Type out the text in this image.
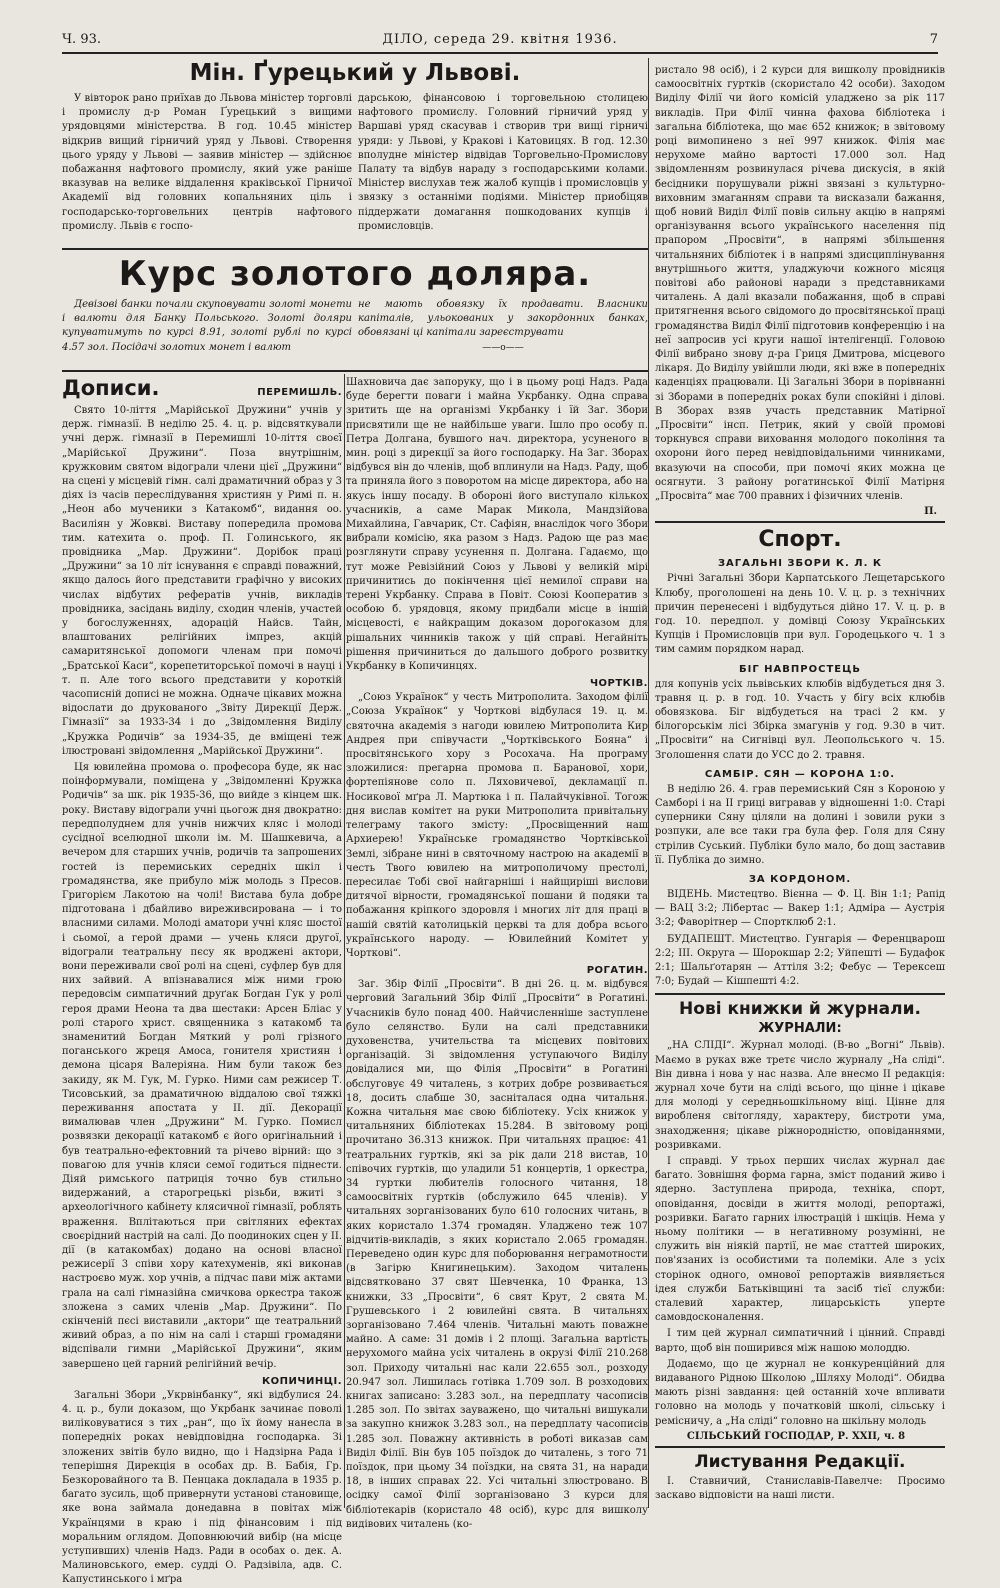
Ч. 93.	ДІЛО, середа 29. квітня 1936.	7
Мін. Ґурецький у Львові.

У вівторок рано приїхав до Львова міністер торговлі і промислу д-р Роман Ґурецький з вищими урядовцями міністерства. В год. 10.45 міністер відкрив вищий гірничий уряд у Львові. Створення цього уряду у Львові — заявив міністер — здійснює побажання нафтового промислу, який уже раніше вказував на велике віддалення краківської Гірничої Академії від головних копальняних ціль і господарсько-торговельних центрів нафтового промислу. Львів є госпо-

дарською, фінансовою і торговельною столицею нафтового промислу. Головний гірничий уряд у Варшаві уряд скасував і створив три вищі гірничі уряди: у Львові, у Кракові і Катовицях. В год. 12.30 вполудне міністер відвідав Торговельно-Промислову Палату та відбув нараду з господарськими колами. Міністер вислухав теж жалоб купців і промисловців у звязку з останніми подіями. Міністер приобіцяв піддержати домагання пошкодованих купців і промисловців.

Курс золотого доляра.

Девізові банки почали скуповувати золоті монети і валюти для Банку Польського. Золоті доляри купуватимуть по курсі 8.91, золоті рублі по курсі 4.57 зол. Посідачі золотих монет і валют

не мають обовязку їх продавати. Власники капіталів, ульокованих у закордонних банках, обовязані ці капітали зареєструвати

——o——
Дописи.	ПЕРЕМИШЛЬ.

Свято 10-ліття „Марійської Дружини“ учнів у держ. гімназії. В неділю 25. 4. ц. р. відсвяткували учні держ. гімназії в Перемишлі 10-ліття своєї „Марійської Дружини“. Поза внутрішнім, кружковим святом відограли члени цієї „Дружини“ на сцені у місцевій гімн. салі драматичний образ у 3 діях із часів переслідування християн у Римі п. н. „Неон або мученики з Катакомб“, видання оо. Василіян у Жовкві. Виставу попередила промова тим. катехита о. проф. П. Голинського, як провідника „Мар. Дружини“. Дорібок праці „Дружини“ за 10 літ існування є справді поважний, якщо далось його представити графічно у високих числах відбутих рефератів учнів, викладів провідника, засідань виділу, сходин членів, участей у богослуженнях, адорацій Найсв. Тайн, влаштованих релігійних імпрез, акцій самаритянської допомоги членам при помочі „Братської Каси“, корепетиторської помочі в науці і т. п. Але того всього представити у короткій часописній дописі не можна. Одначе цікавих можна відослати до друкованого „Звіту Дирекції Держ. Гімназії“ за 1933-34 і до „Звідомлення Виділу „Кружка Родичів“ за 1934-35, де вміщені теж ілюстровані звідомлення „Марійської Дружини“.

Ця ювилейна промова о. професора буде, як нас поінформували, поміщена у „Звідомленні Кружка Родичів“ за шк. рік 1935-36, що вийде з кінцем шк. року. Виставу відограли учні цьогож дня двократно: передполуднем для учнів нижчих кляс і молоді сусідної вселюдної школи ім. М. Шашкевича, а вечером для старших учнів, родичів та запрошених гостей із перемиських середніх шкіл і громадянства, яке прибуло між молодь з Пресов. Григорієм Лакотою на чолі! Вистава була добре підготована і дбайливо виреживсирована — і то власними силами. Молоді аматори учні кляс шостої і сьомої, а герой драми — учень кляси другої, відограли театральну пєсу як вроджені актори, вони переживали свої ролі на сцені, суфлер був для них зайвий. А впізнавалися між ними грою передовсім симпатичний друґак Богдан Гук у ролі героя драми Неона та два шестаки: Арсен Бліас у ролі старого христ. священника з катакомб та знаменитий Богдан Мяткий у ролі грізного поганського жреця Амоса, гонителя християн і демона цісаря Валеріяна. Ним були також без закиду, як М. Гук, М. Гурко. Ними сам режисер Т. Тисовський, за драматичною віддалою свої тяжкі переживання апостата у II. дії. Декорації вималював член „Дружини“ М. Гурко. Помисл розвязки декорації катакомб є його оригінальний і був театрально-ефектовний та річево вірний: що з повагою для учнів кляси семої годиться піднести. Діяй римського патриція точно був стильно видержаний, а старогрецькі різьби, вжиті з археологічного кабінету клясичної гімназії, роблять враження. Вплітаються при світляних ефектах своєрідний настрій на салі. До поодиноких сцен у II. дії (в катакомбах) додано на основі власної режисерії 3 співи хору катехуменів, які виконав настроєво муж. хор учнів, а підчас пави між актами грала на салі гімназійна смичкова оркестра також зложена з самих членів „Мар. Дружини“. По скінченій пєсі виставили „актори“ ще театральний живий образ, а по нім на салі і старші громадяни відспівали гимни „Марійської Дружини“, яким завершено цей гарний релігійний вечір.

КОПИЧИНЦІ.

Загальні Збори „Укрвінбанку“, які відбулися 24. 4. ц. р., були доказом, що Укрбанк зачинає поволі виліковуватися з тих „ран“, що їх йому нанесла в попередніх роках невідповідна господарка. Зі зложених звітів було видно, що і Надзірна Рада і теперішня Дирекція в особах др. В. Бабія, Гр. Безкоровайного та В. Пенцака докладала в 1935 р. багато зусиль, щоб привернути установі становище, яке вона займала донедавна в повітах між Українцями в краю і під фінансовим і під моральним оглядом. Доповнюючий вибір (на місце уступивших) членів Надз. Ради в особах о. дек. А. Малиновського, емер. судді О. Радзівіла, адв. С. Капустинського і мґра

Шахновича дає запоруку, що і в цьому році Надз. Рада буде берегти поваги і майна Укрбанку. Одна справа зритить ще на організмі Укрбанку і їй Заг. Збори присвятили ще не найбільше уваги. Ішло про особу п. Петра Долгана, бувшого нач. директора, усуненого в мин. році з дирекції за його господарку. На Заг. Зборах відбувся він до членів, щоб вплинули на Надз. Раду, щоб та приняла його з поворотом на місце директора, або на якусь іншу посаду. В обороні його виступало кількох учасників, а саме Марак Микола, Мандзійова Михайлина, Гавчарик, Ст. Сафіян, внаслідок чого Збори вибрали комісію, яка разом з Надз. Радою ще раз має розглянути справу усунення п. Долгана. Гадаємо, що тут може Ревізійний Союз у Львові у великій мірі причинитись до покінчення цієї немилої справи на терені Укрбанку. Справа в Повіт. Союзі Кооператив з особою б. урядовця, якому придбали місце в іншій місцевості, є найкращим доказом дорогоказом для рішальних чинників також у цій справі. Негайніть рішення причиниться до дальшого доброго розвитку Укрбанку в Копичинцях.

ЧОРТКІВ.

„Союз Українок“ у честь Митрополита. Заходом філії „Союза Українок“ у Чорткові відбулася 19. ц. м. святочна академія з нагоди ювилею Митрополита Кир Андрея при співучасти „Чортківського Бояна“ і просвітянського хору з Росохача. На програму зложилися: прегарна промова п. Баранової, хори, фортепіянове соло п. Ляховичевої, декламації п. Носикової мґра Л. Мартюка і п. Палайчуківної. Тогож дня вислав комітет на руки Митрополита привітальну телеграму такого змісту: „Просвіщенний наш Архиерею! Українське громадянство Чортківської Землі, зібране нині в святочному настрою на академії в честь Твого ювилею на митрополичому престолі, пересилає Тобі свої найгарніші і найщиріші вислови дитячої вірности, громадянської пошани й подяки та побажання кріпкого здоровля і многих літ для праці в нашій святій католицькій церкві та для добра всього українського народу. — Ювилейний Комітет у Чорткові“.

РОГАТИН.

Заг. Збір Філії „Просвіти“. В дні 26. ц. м. відбувся черговий Загальний Збір Філії „Просвіти“ в Рогатині. Учасників було понад 400. Найчисленніше заступлене було селянство. Були на салі представники духовенства, учительства та місцевих повітових організацій. Зі звідомлення уступаючого Виділу довідалися ми, що Філія „Просвіти“ в Рогатині обслуговує 49 читалень, з котрих добре розвивається 18, досить слабше 30, засніталася одна читальня. Кожна читальня має свою бібліотеку. Усіх книжок у читальняних бібліотеках 15.284. В звітовому році прочитано 36.313 книжок. При читальнях працює: 41 театральних гуртків, які за рік дали 218 вистав, 10 співочих гуртків, що уладили 51 концертів, 1 оркестра, 34 гуртки любителів голосного читання, 18 самоосвітніх гуртків (обслужило 645 членів). У читальнях зорганізованих було 610 голосних читань, в яких користало 1.374 громадян. Уладжено теж 107 відчитів-викладів, з яких користало 2.065 громадян. Переведено один курс для поборювання неграмотности (в Загірю Книгинецьким). Заходом читалень відсвятковано 37 свят Шевченка, 10 Франка, 13 книжки, 33 „Просвіти“, 6 свят Крут, 2 свята М. Грушевського і 2 ювилейні свята. В читальнях зорганізовано 7.464 членів. Читальні мають поважне майно. А саме: 31 домів і 2 площі. Загальна вартість нерухомого майна усіх читалень в окрузі Філії 210.268 зол. Приходу читальні нас кали 22.655 зол., розходу 20.947 зол. Лишилась готівка 1.709 зол. В розходових книгах записано: 3.283 зол., на передплату часописів 1.285 зол. По звітах зауважено, що читальні вишукали за закупно книжок 3.283 зол., на передплату часописів 1.285 зол. Поважну активність в роботі виказав сам Виділ Філії. Він був 105 поїздок до читалень, з того 71 поїздок, при цьому 34 поїздки, на свята 31, на наради 18, в інших справах 22. Усі читальні злюстровано. В осідку самої Філії зорганізовано 3 курси для бібліотекарів (користало 48 осіб), курс для вишколу видівових читалень (ко-

ристало 98 осіб), і 2 курси для вишколу провідників самоосвітніх гуртків (скористало 42 особи). Заходом Виділу Філії чи його комісій уладжено за рік 117 викладів. При Філії чинна фахова бібліотека і загальна бібліотека, що має 652 книжок; в звітовому році вимопинено з неї 997 книжок. Філія має нерухоме майно вартості 17.000 зол. Над звідомленням розвинулася річева дискусія, в якій бесідники порушували ріжні звязані з культурно-виховним змаганням справи та висказали бажання, щоб новий Виділ Філії повів сильну акцію в напрямі організування всього українського населення під прапором „Просвіти“, в напрямі збільшення читальняних бібліотек і в напрямі здисциплінування внутрішнього життя, уладжуючи кожного місяця повітові або районові наради з представниками читалень. А далі вказали побажання, щоб в справі притягнення всього свідомого до просвітянської праці громадянства Виділ Філії підготовив конференцію і на неї запросив усі круги нашої інтелігенції. Головою Філії вибрано знову д-ра Гриця Дмитрова, місцевого лікаря. До Виділу увійшли люди, які вже в попередніх каденціях працювали. Ці Загальні Збори в порівнанні зі Зборами в попередніх роках були спокійні і ділові. В Зборах взяв участь представник Матірної „Просвіти“ інсп. Петрик, який у своїй промові торкнувся справи виховання молодого покоління та охорони його перед невідповідальними чинниками, вказуючи на способи, при помочі яких можна це осягнути. З району рогатинської Філії Матірня „Просвіта“ має 700 правних і фізичних членів.

П.
Спорт.
ЗАГАЛЬНІ ЗБОРИ К. Л. К

Річні Загальні Збори Карпатського Лещетарського Клюбу, проголошені на день 10. V. ц. р. з технічних причин перенесені і відбудуться дійно 17. V. ц. р. в год. 10. передпол. у домівці Союзу Українських Купців і Промисловців при вул. Городецького ч. 1 з тим самим порядком нарад.

БІГ НАВПРОСТЕЦЬ

для копунів усіх львівських клюбів відбудеться дня 3. травня ц. р. в год. 10. Участь у бігу всіх клюбів обовязкова. Біг відбудеться на трасі 2 км. у білогорськім лісі Збірка змагунів у год. 9.30 в чит. „Просвіти“ на Сигнівці вул. Леопольського ч. 15. Зголошення слати до УСС до 2. травня.

САМБІР. СЯН — КОРОНА 1:0.

В неділю 26. 4. грав перемиський Сян з Короною у Самборі і на II гриці вигравав у відношенні 1:0. Старі суперники Сяну ціляли на долині і зовили руки з розпуки, але все таки гра була фер. Голя для Сяну стрілив Суський. Публіки було мало, бо дощ заставив її. Публіка до зимно.

ЗА КОРДОНОМ.

ВІДЕНЬ. Мистецтво. Вієнна — Ф. Ц. Він 1:1; Рапід — ВАЦ 3:2; Лібертас — Вакер 1:1; Адміра — Аустрія 3:2; Фаворітнер — Спортклюб 2:1.

БУДАПЕШТ. Мистецтво. Гунгарія — Ференцварош 2:2; III. Округа — Шорокшар 2:2; Уйпешті — Будафок 2:1; Шальґотарян — Аттіля 3:2; Фебус — Терексеш 7:0; Будай — Кішпешті 4:2.

Нові книжки й журнали.
ЖУРНАЛИ:

„НА СЛІДІ“. Журнал молоді. (В-во „Вогні“ Львів). Маємо в руках вже третє число журналу „На сліді“. Він дивна і нова у нас назва. Але внесмо II редакція: журнал хоче бути на сліді всього, що цінне і цікаве для молоді у середньошкільному віці. Цінне для виробленя світогляду, характеру, бистроти ума, знаходження; цікаве ріжнородністю, оповіданнями, розривками.

І справді. У трьох перших числах журнал дає багато. Зовнішня форма гарна, зміст поданий живо і ядерно. Заступлена природа, техніка, спорт, оповідання, досвіди в життя молоді, репортажі, розривки. Багато гарних ілюстрацій і шкіців. Нема у ньому політики — в негативному розумінні, не служить він ніякій партії, не має статтей широких, пов'язаних із особистими та полеміки. Але з усіх сторінок одного, омнової репортажів виявляється ідея служби Батьківщині та засіб тієї служби: сталевий характер, лицарськість уперте самовдосконалення.

І тим цей журнал симпатичний і цінний. Справді варто, щоб він поширився між нашою молоддю.

Додаємо, що це журнал не конкуренційний для видаваного Рідною Школою „Шляху Молоді“. Обидва мають різні завдання: цей останній хоче впливати головно на молодь у початковій школі, сільську і ремісничу, а „На сліді“ головно на шкільну молодь

СІЛЬСЬКИЙ ГОСПОДАР, Р. XXII, ч. 8
Листування Редакції.

І. Ставничий, Станиславів-Павелче: Просимо заскаво відповісти на наші листи.
